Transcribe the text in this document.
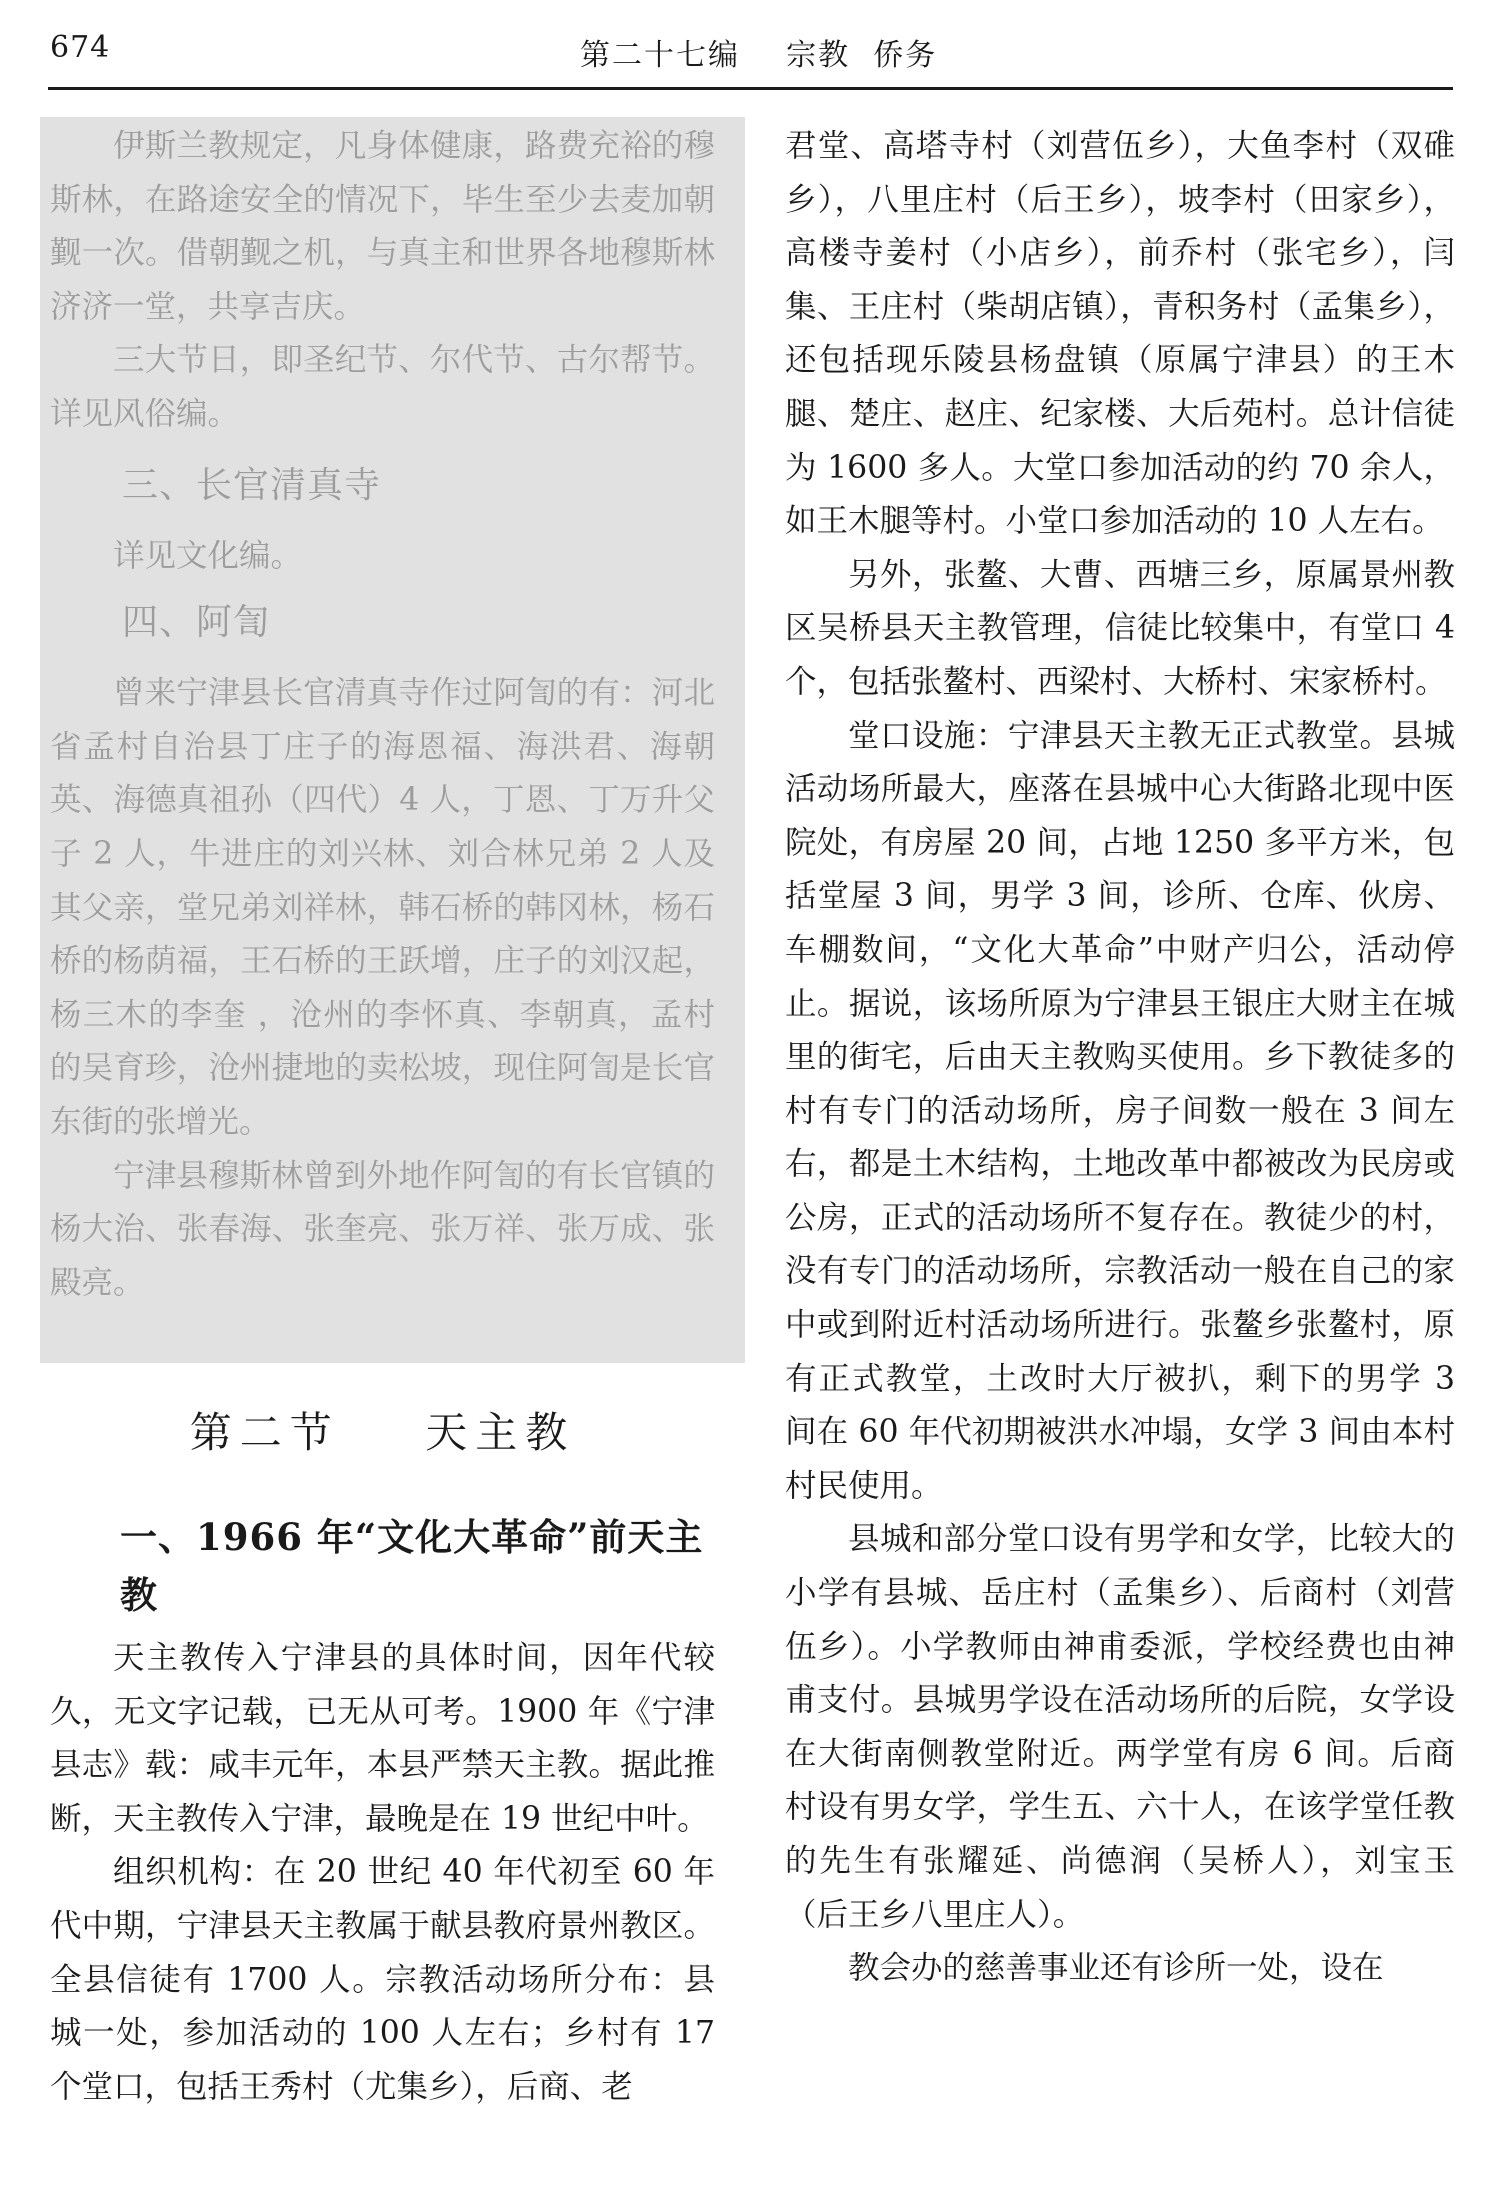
674	第二十七编    宗教  侨务

伊斯兰教规定，凡身体健康，路费充裕的穆斯林，在路途安全的情况下，毕生至少去麦加朝觐一次。借朝觐之机，与真主和世界各地穆斯林济济一堂，共享吉庆。

三大节日，即圣纪节、尔代节、古尔帮节。详见风俗编。

三、长官清真寺

详见文化编。

四、阿訇

曾来宁津县长官清真寺作过阿訇的有：河北省孟村自治县丁庄子的海恩福、海洪君、海朝英、海德真祖孙（四代）4 人，丁恩、丁万升父子 2 人，牛进庄的刘兴林、刘合林兄弟 2 人及其父亲，堂兄弟刘祥林，韩石桥的韩冈林，杨石桥的杨荫福，王石桥的王跃增，庄子的刘汉起，杨三木的李奎 ，沧州的李怀真、李朝真，孟村的吴育珍，沧州捷地的卖松坡，现住阿訇是长官东街的张增光。

宁津县穆斯林曾到外地作阿訇的有长官镇的杨大治、张春海、张奎亮、张万祥、张万成、张殿亮。

第二节    天主教
一、1966 年“文化大革命”前天主教

天主教传入宁津县的具体时间，因年代较久，无文字记载，已无从可考。1900 年《宁津县志》载：咸丰元年，本县严禁天主教。据此推断，天主教传入宁津，最晚是在 19 世纪中叶。

组织机构：在 20 世纪 40 年代初至 60 年代中期，宁津县天主教属于献县教府景州教区。全县信徒有 1700 人。宗教活动场所分布：县城一处，参加活动的 100 人左右；乡村有 17 个堂口，包括王秀村（尤集乡），后商、老

君堂、高塔寺村（刘营伍乡），大鱼李村（双碓乡），八里庄村（后王乡），坡李村（田家乡），高楼寺姜村（小店乡），前乔村（张宅乡），闫集、王庄村（柴胡店镇），青积务村（孟集乡），还包括现乐陵县杨盘镇（原属宁津县）的王木腿、楚庄、赵庄、纪家楼、大后苑村。总计信徒为 1600 多人。大堂口参加活动的约 70 余人，如王木腿等村。小堂口参加活动的 10 人左右。

另外，张鳌、大曹、西塘三乡，原属景州教区吴桥县天主教管理，信徒比较集中，有堂口 4 个，包括张鳌村、西梁村、大桥村、宋家桥村。

堂口设施：宁津县天主教无正式教堂。县城活动场所最大，座落在县城中心大街路北现中医院处，有房屋 20 间，占地 1250 多平方米，包括堂屋 3 间，男学 3 间，诊所、仓库、伙房、车棚数间，“文化大革命”中财产归公，活动停止。据说，该场所原为宁津县王银庄大财主在城里的街宅，后由天主教购买使用。乡下教徒多的村有专门的活动场所，房子间数一般在 3 间左右，都是土木结构，土地改革中都被改为民房或公房，正式的活动场所不复存在。教徒少的村，没有专门的活动场所，宗教活动一般在自己的家中或到附近村活动场所进行。张鳌乡张鳌村，原有正式教堂，土改时大厅被扒，剩下的男学 3 间在 60 年代初期被洪水冲塌，女学 3 间由本村村民使用。

县城和部分堂口设有男学和女学，比较大的小学有县城、岳庄村（孟集乡）、后商村（刘营伍乡）。小学教师由神甫委派，学校经费也由神甫支付。县城男学设在活动场所的后院，女学设在大街南侧教堂附近。两学堂有房 6 间。后商村设有男女学，学生五、六十人，在该学堂任教的先生有张耀延、尚德润（吴桥人），刘宝玉（后王乡八里庄人）。

教会办的慈善事业还有诊所一处，设在
